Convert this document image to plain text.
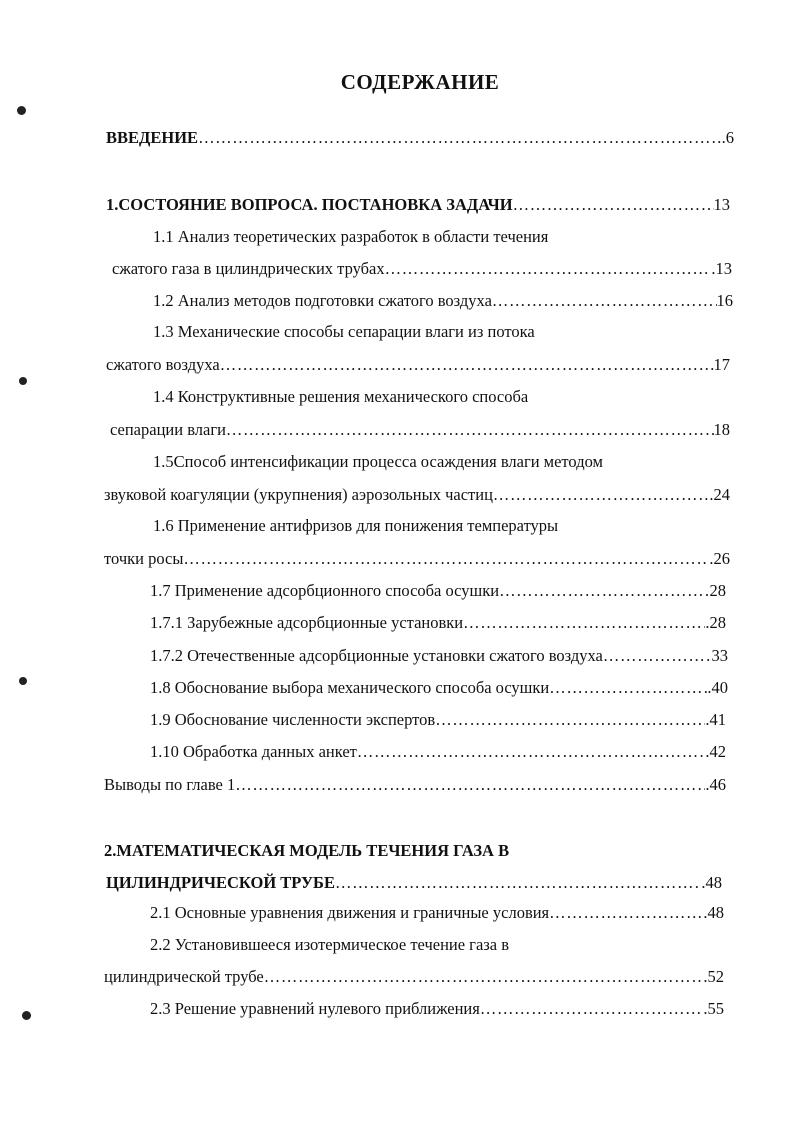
СОДЕРЖАНИЕ
ВВЕДЕНИЕ ……………………………………………………………………………………………………………………………………………………………………………………………………	.6
1.СОСТОЯНИЕ ВОПРОСА. ПОСТАНОВКА ЗАДАЧИ ……………………………………………………………………………………………………………………………………………………………………………………………………	13
1.1 Анализ теоретических разработок в области течения
сжатого газа в цилиндрических трубах ……………………………………………………………………………………………………………………………………………………………………………………………………	.13
1.2 Анализ методов подготовки сжатого воздуха ……………………………………………………………………………………………………………………………………………………………………………………………………	16
1.3 Механические способы сепарации влаги из потока
сжатого воздуха ……………………………………………………………………………………………………………………………………………………………………………………………………	17
1.4 Конструктивные решения механического способа
сепарации влаги ……………………………………………………………………………………………………………………………………………………………………………………………………	18
1.5Способ интенсификации процесса осаждения влаги методом
звуковой коагуляции (укрупнения) аэрозольных частиц ……………………………………………………………………………………………………………………………………………………………………………………………………	.24
1.6 Применение антифризов для понижения температуры
точки росы ……………………………………………………………………………………………………………………………………………………………………………………………………	.26
1.7 Применение адсорбционного способа осушки ……………………………………………………………………………………………………………………………………………………………………………………………………	28
1.7.1 Зарубежные адсорбционные установки ……………………………………………………………………………………………………………………………………………………………………………………………………	.28
1.7.2 Отечественные адсорбционные установки сжатого воздуха ……………………………………………………………………………………………………………………………………………………………………………………………………	33
1.8 Обоснование выбора механического способа осушки ……………………………………………………………………………………………………………………………………………………………………………………………………	.40
1.9 Обоснование численности экспертов ……………………………………………………………………………………………………………………………………………………………………………………………………	.41
1.10 Обработка данных анкет ……………………………………………………………………………………………………………………………………………………………………………………………………	.42
Выводы по главе 1 ……………………………………………………………………………………………………………………………………………………………………………………………………	.46
2.МАТЕМАТИЧЕСКАЯ МОДЕЛЬ ТЕЧЕНИЯ ГАЗА В
ЦИЛИНДРИЧЕСКОЙ ТРУБЕ ……………………………………………………………………………………………………………………………………………………………………………………………………	.48
2.1 Основные уравнения движения и граничные условия ……………………………………………………………………………………………………………………………………………………………………………………………………	.48
2.2 Установившееся изотермическое течение газа в
цилиндрической трубе ……………………………………………………………………………………………………………………………………………………………………………………………………	.52
2.3 Решение уравнений нулевого приближения ……………………………………………………………………………………………………………………………………………………………………………………………………	.55
